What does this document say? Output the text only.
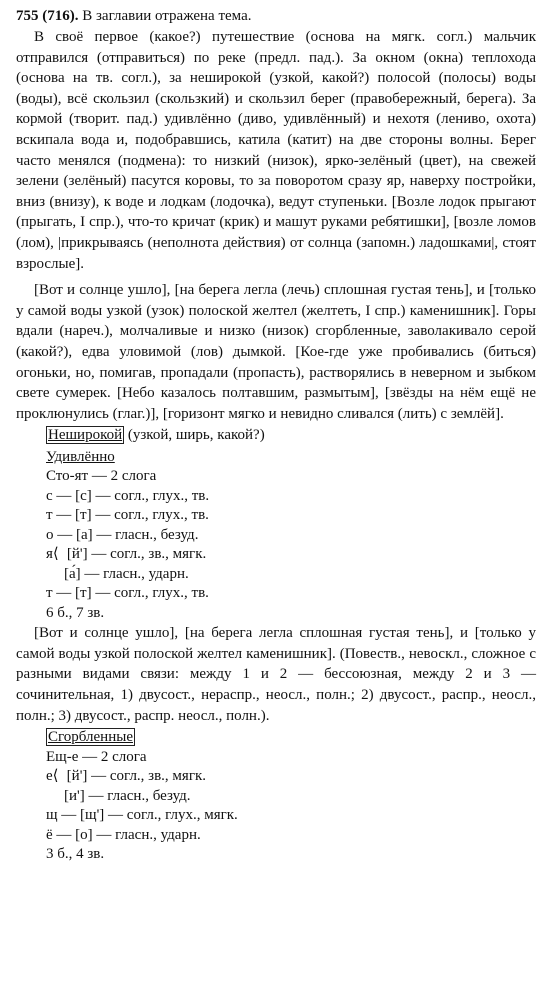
755 (716). В заглавии отражена тема.

В своё первое (какое?) путешествие (основа на мягк. согл.) мальчик отправился (отправиться) по реке (предл. пад.). За окном (окна) теплохода (основа на тв. согл.), за неширокой (узкой, какой?) полосой (полосы) воды (воды), всё скользил (скользкий) и скользил берег (правобережный, берега). За кормой (творит. пад.) удивлённо (диво, удивлённый) и нехотя (лениво, охота) вскипала вода и, подобравшись, катила (катит) на две стороны волны. Берег часто менялся (подмена): то низкий (низок), ярко-зелёный (цвет), на свежей зелени (зелёный) пасутся коровы, то за поворотом сразу яр, наверху постройки, вниз (внизу), к воде и лодкам (лодочка), ведут ступеньки. [Возле лодок прыгают (прыгать, I спр.), что-то кричат (крик) и машут руками ребятишки], [возле ломов (лом), |прикрываясь (неполнота действия) от солнца (запомн.) ладошками|, стоят взрослые].

[Вот и солнце ушло], [на берега легла (лечь) сплошная густая тень], и [только у самой воды узкой (узок) полоской желтел (желтеть, I спр.) каменишник]. Горы вдали (нареч.), молчаливые и низко (низок) сгорбленные, заволакивало серой (какой?), едва уловимой (лов) дымкой. [Кое-где уже пробивались (биться) огоньки, но, помигав, пропадали (пропасть), растворялись в неверном и зыбком свете сумерек. [Небо казалось полтавшим, размытым], [звёзды на нём ещё не проклюнулись (глаг.)], [горизонт мягко и невидно сливался (лить) с землёй].

Неширокой (узкой, ширь, какой?)

Удивлённо

Сто-ят — 2 слога

с — [с] — согл., глух., тв.

т — [т] — согл., глух., тв.

о — [а] — гласн., безуд.

я⟨ [й'] — согл., зв., мягк.

[а́] — гласн., ударн.

т — [т] — согл., глух., тв.

6 б., 7 зв.

[Вот и солнце ушло], [на берега легла сплошная густая тень], и [только у самой воды узкой полоской желтел каменишник]. (Повеств., невоскл., сложное с разными видами связи: между 1 и 2 — бессоюзная, между 2 и 3 — сочинительная, 1) двусост., нераспр., неосл., полн.; 2) двусост., распр., неосл., полн.; 3) двусост., распр. неосл., полн.).

Сгорбленные

Ещ-е — 2 слога

е⟨ [й'] — согл., зв., мягк.

[и'] — гласн., безуд.

щ — [щ'] — согл., глух., мягк.

ё — [о] — гласн., ударн.

3 б., 4 зв.
